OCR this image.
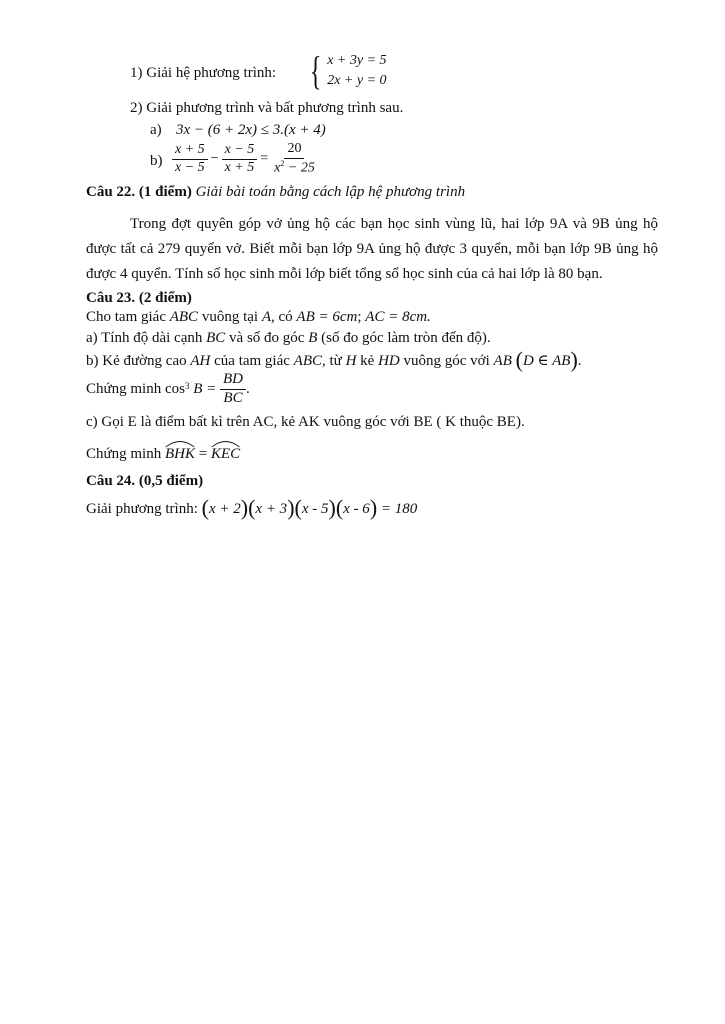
1) Giải hệ phương trình: { x + 3y = 5
2x + y = 0
2) Giải phương trình và bất phương trình sau.
a) 3x − (6 + 2x) ≤ 3.(x + 4)
$b) \frac{x + 5}{x - 5} - \frac{x - 5}{x + 5} = \frac{20}{x^2 - 25}$
Câu 22. (1 điểm) Giải bài toán bằng cách lập hệ phương trình
Trong đợt quyên góp vở ủng hộ các bạn học sinh vùng lũ, hai lớp 9A và 9B ủng hộ được tất cả 279 quyển vở. Biết mỗi bạn lớp 9A ủng hộ được 3 quyển, mỗi bạn lớp 9B ủng hộ được 4 quyển. Tính số học sinh mỗi lớp biết tổng số học sinh của cả hai lớp là 80 bạn.
Câu 23. (2 điểm)
Cho tam giác ABC vuông tại A, có AB = 6cm; AC = 8cm.
a) Tính độ dài cạnh BC và số đo góc B (số đo góc làm tròn đến độ).
b) Kẻ đường cao AH của tam giác ABC, từ H kẻ HD vuông góc với AB (D ∈ AB).
Chứng minh cos 3 $B = \frac{BD}{BC}$ .
c) Gọi E là điểm bất kì trên AC, kẻ AK vuông góc với BE ( K thuộc BE).
Chứng minh
BHK =
KEC
Câu 24. (0,5 điểm)
Giải phương trình: (x + 2)(x + 3)(x - 5)(x - 6) = 180
